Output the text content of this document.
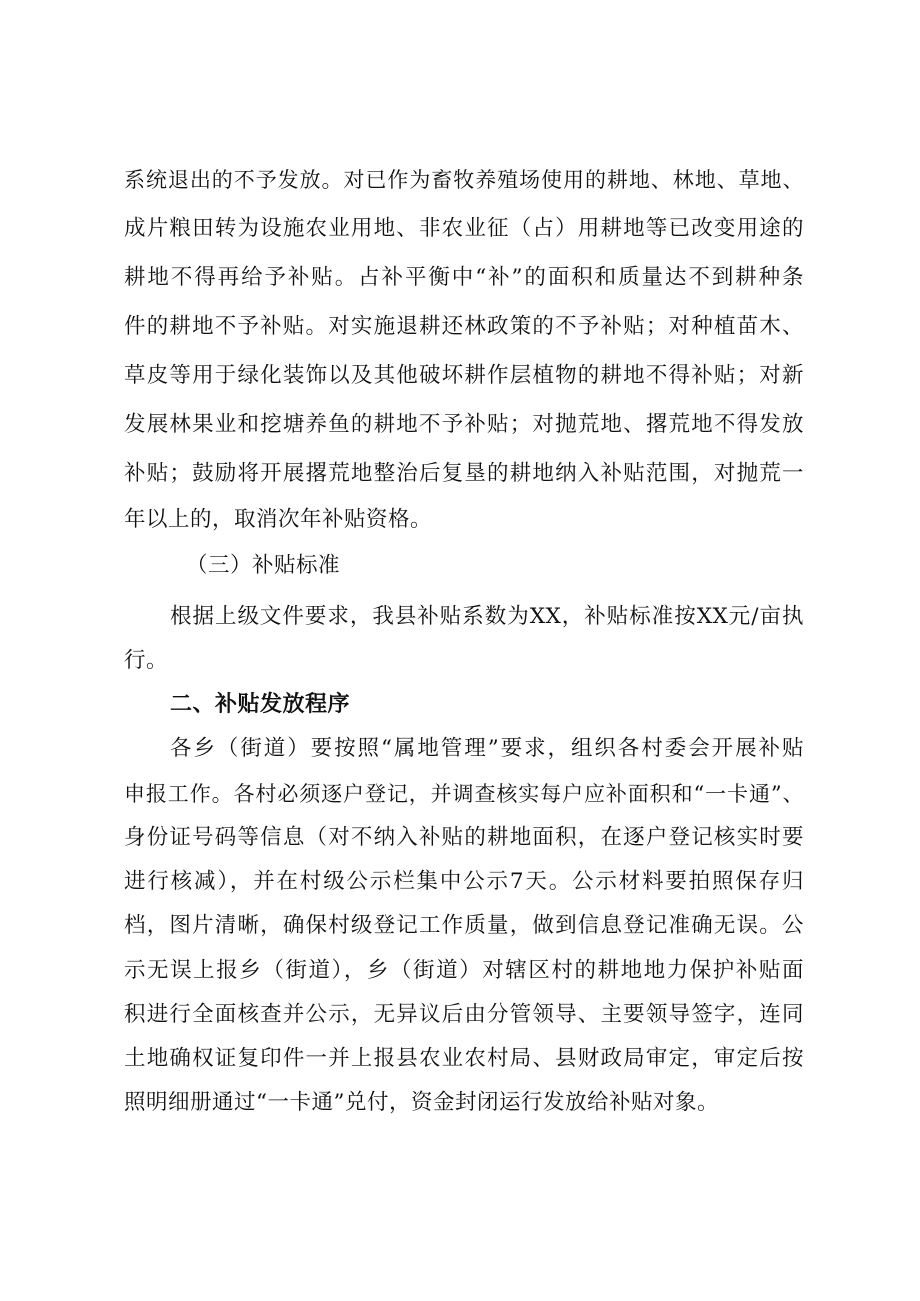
系统退出的不予发放。对已作为畜牧养殖场使用的耕地、林地、草地、
成片粮田转为设施农业用地、非农业征（占）用耕地等已改变用途的
耕地不得再给予补贴。占补平衡中“补”的面积和质量达不到耕种条
件的耕地不予补贴。对实施退耕还林政策的不予补贴；对种植苗木、
草皮等用于绿化装饰以及其他破坏耕作层植物的耕地不得补贴；对新
发展林果业和挖塘养鱼的耕地不予补贴；对抛荒地、撂荒地不得发放
补贴；鼓励将开展撂荒地整治后复垦的耕地纳入补贴范围，对抛荒一
年以上的，取消次年补贴资格。
（三）补贴标准
根据上级文件要求，我县补贴系数为XX，补贴标准按XX元/亩执
行。
二、补贴发放程序
各乡（街道）要按照“属地管理”要求，组织各村委会开展补贴
申报工作。各村必须逐户登记，并调查核实每户应补面积和“一卡通”、
身份证号码等信息（对不纳入补贴的耕地面积，在逐户登记核实时要
进行核减），并在村级公示栏集中公示7天。公示材料要拍照保存归
档，图片清晰，确保村级登记工作质量，做到信息登记准确无误。公
示无误上报乡（街道），乡（街道）对辖区村的耕地地力保护补贴面
积进行全面核查并公示，无异议后由分管领导、主要领导签字，连同
土地确权证复印件一并上报县农业农村局、县财政局审定，审定后按
照明细册通过“一卡通”兑付，资金封闭运行发放给补贴对象。
